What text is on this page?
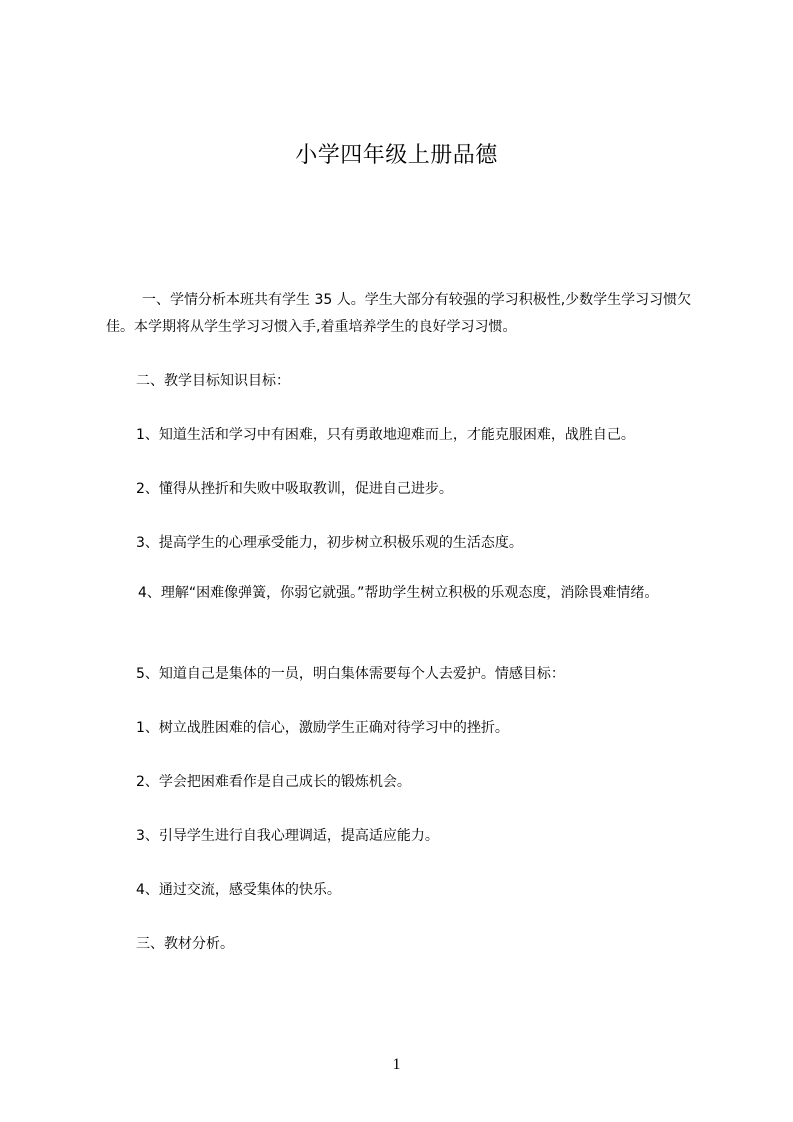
小学四年级上册品德

一、学情分析本班共有学生 35 人。学生大部分有较强的学习积极性,少数学生学习习惯欠佳。本学期将从学生学习习惯入手,着重培养学生的良好学习习惯。

二、教学目标知识目标：

1、知道生活和学习中有困难，只有勇敢地迎难而上，才能克服困难，战胜自己。

2、懂得从挫折和失败中吸取教训，促进自己进步。

3、提高学生的心理承受能力，初步树立积极乐观的生活态度。

4、理解“困难像弹簧，你弱它就强。”帮助学生树立积极的乐观态度，消除畏难情绪。

5、知道自己是集体的一员，明白集体需要每个人去爱护。情感目标：

1、树立战胜困难的信心，激励学生正确对待学习中的挫折。

2、学会把困难看作是自己成长的锻炼机会。

3、引导学生进行自我心理调适，提高适应能力。

4、通过交流，感受集体的快乐。

三、教材分析。

1
